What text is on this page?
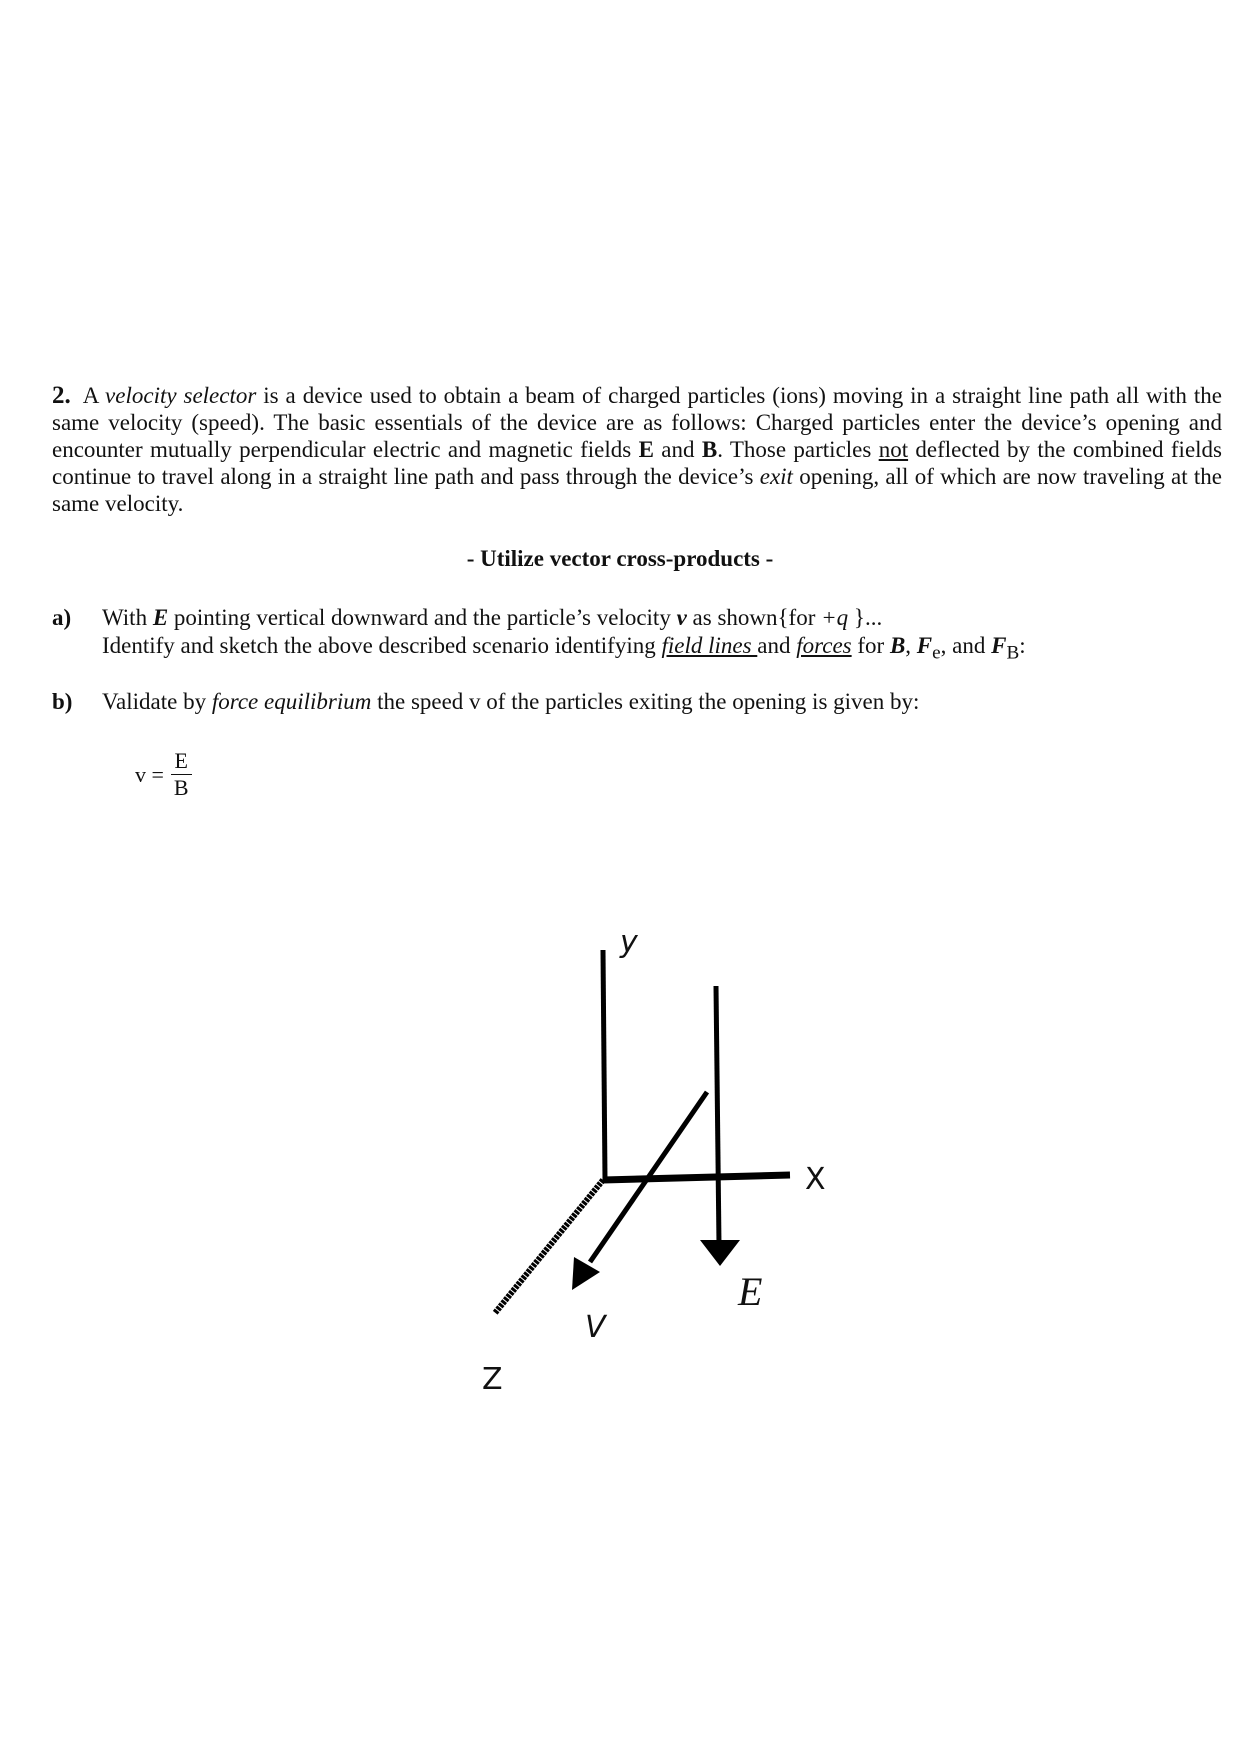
2. A velocity selector is a device used to obtain a beam of charged particles (ions) moving in a straight line path all with the same velocity (speed). The basic essentials of the device are as follows: Charged particles enter the device’s opening and encounter mutually perpendicular electric and magnetic fields E and B. Those particles not deflected by the combined fields continue to travel along in a straight line path and pass through the device’s exit opening, all of which are now traveling at the same velocity.
- Utilize vector cross-products -
a) With E pointing vertical downward and the particle’s velocity v as shown{for +q }...
Identify and sketch the above described scenario identifying field lines and forces for B, $F_e$, and $F_B$:
b) Validate by force equilibrium the speed v of the particles exiting the opening is given by:
$v = \frac{E}{B}$
y
X
E
V
Z
